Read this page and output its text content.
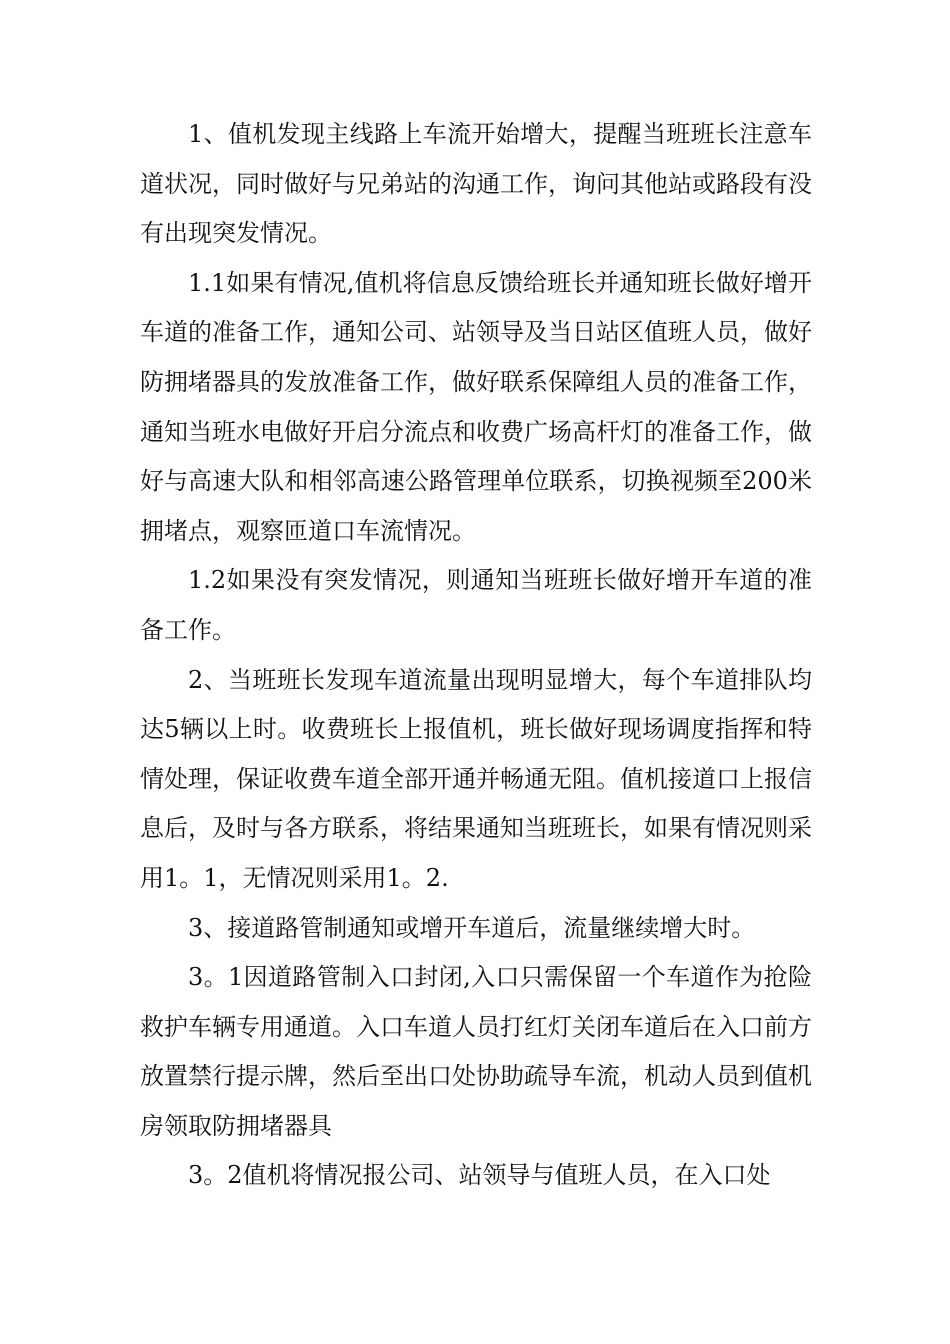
1、值机发现主线路上车流开始增大，提醒当班班长注意车道状况，同时做好与兄弟站的沟通工作，询问其他站或路段有没有出现突发情况。

1.1如果有情况,值机将信息反馈给班长并通知班长做好增开车道的准备工作，通知公司、站领导及当日站区值班人员，做好防拥堵器具的发放准备工作，做好联系保障组人员的准备工作，通知当班水电做好开启分流点和收费广场高杆灯的准备工作，做好与高速大队和相邻高速公路管理单位联系，切换视频至200米拥堵点，观察匝道口车流情况。

1.2如果没有突发情况，则通知当班班长做好增开车道的准备工作。

2、当班班长发现车道流量出现明显增大，每个车道排队均达5辆以上时。收费班长上报值机，班长做好现场调度指挥和特情处理，保证收费车道全部开通并畅通无阻。值机接道口上报信息后，及时与各方联系，将结果通知当班班长，如果有情况则采用1。1，无情况则采用1。2.

3、接道路管制通知或增开车道后，流量继续增大时。

3。1因道路管制入口封闭,入口只需保留一个车道作为抢险救护车辆专用通道。入口车道人员打红灯关闭车道后在入口前方放置禁行提示牌，然后至出口处协助疏导车流，机动人员到值机房领取防拥堵器具

3。2值机将情况报公司、站领导与值班人员，在入口处
